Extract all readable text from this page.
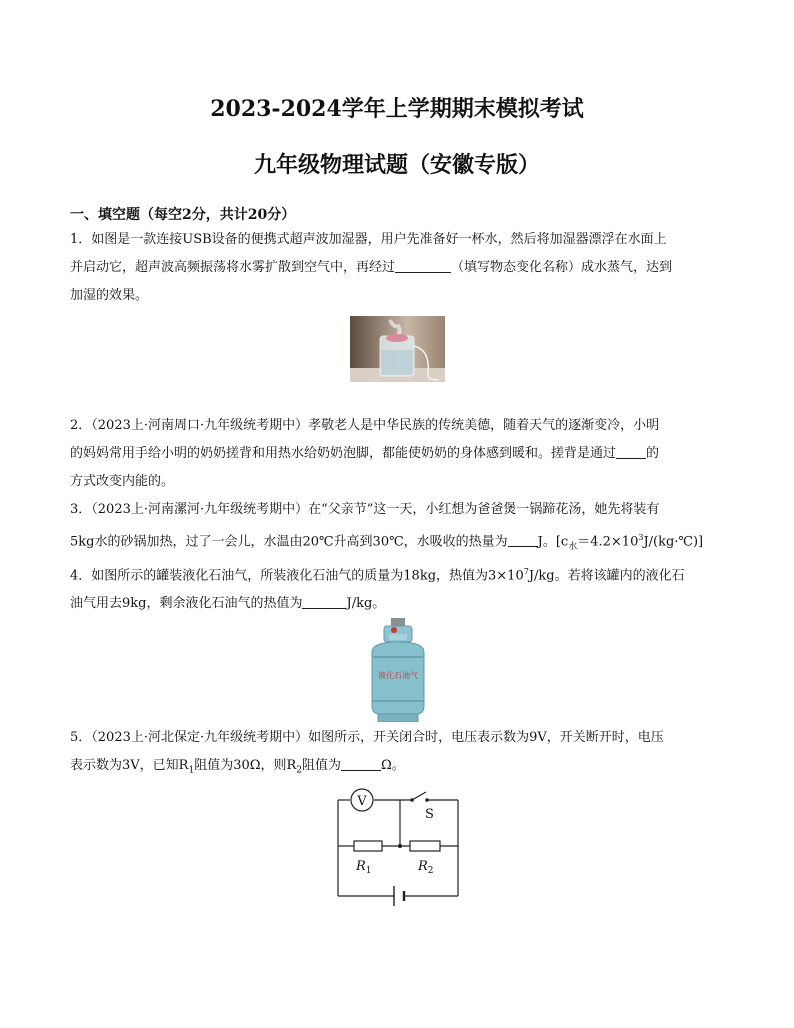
2023-2024学年上学期期末模拟考试
九年级物理试题（安徽专版）
一、填空题（每空2分，共计20分）
1．如图是一款连接USB设备的便携式超声波加湿器，用户先准备好一杯水，然后将加湿器漂浮在水面上
并启动它，超声波高频振荡将水雾扩散到空气中，再经过	（填写物态变化名称）成水蒸气，达到
加湿的效果。
2．（2023上·河南周口·九年级统考期中）孝敬老人是中华民族的传统美德，随着天气的逐渐变冷，小明
的妈妈常用手给小明的奶奶搓背和用热水给奶奶泡脚，都能使奶奶的身体感到暖和。搓背是通过 的
方式改变内能的。
3．（2023上·河南漯河·九年级统考期中）在“父亲节”这一天，小红想为爸爸煲一锅蹄花汤，她先将装有
5kg水的砂锅加热，过了一会儿，水温由20℃升高到30℃，水吸收的热量为 J。$[c_水=4.2\times 10^3J/(kg\cdot℃)]$
4．如图所示的罐装液化石油气，所装液化石油气的质量为18kg，热值为$3\times 10^7J/kg$。若将该罐内的液化石
油气用去9kg，剩余液化石油气的热值为	J/kg。
液化石油气
5．（2023上·河北保定·九年级统考期中）如图所示，开关闭合时，电压表示数为9V，开关断开时，电压
表示数为3V，已知$R_1$阻值为30Ω，则$R_2$阻值为	Ω。
V
S
$R_1$	$R_2$
